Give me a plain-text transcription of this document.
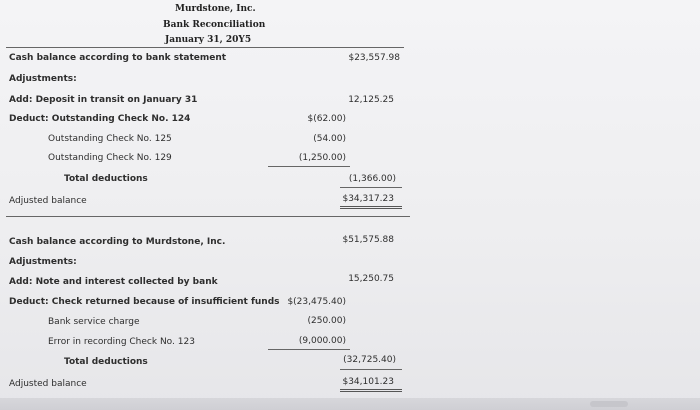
Murdstone, Inc.
Bank Reconciliation
January 31, 20Y5
Cash balance according to bank statement	$23,557.98
Adjustments:
Add: Deposit in transit on January 31	12,125.25
Deduct: Outstanding Check No. 124	$(62.00)
Outstanding Check No. 125	(54.00)
Outstanding Check No. 129	(1,250.00)
Total deductions	(1,366.00)
Adjusted balance	$34,317.23
Cash balance according to Murdstone, Inc.	$51,575.88
Adjustments:
Add: Note and interest collected by bank	15,250.75
Deduct: Check returned because of insufficient funds $(23,475.40)
Bank service charge	(250.00)
Error in recording Check No. 123	(9,000.00)
Total deductions	(32,725.40)
Adjusted balance	$34,101.23
